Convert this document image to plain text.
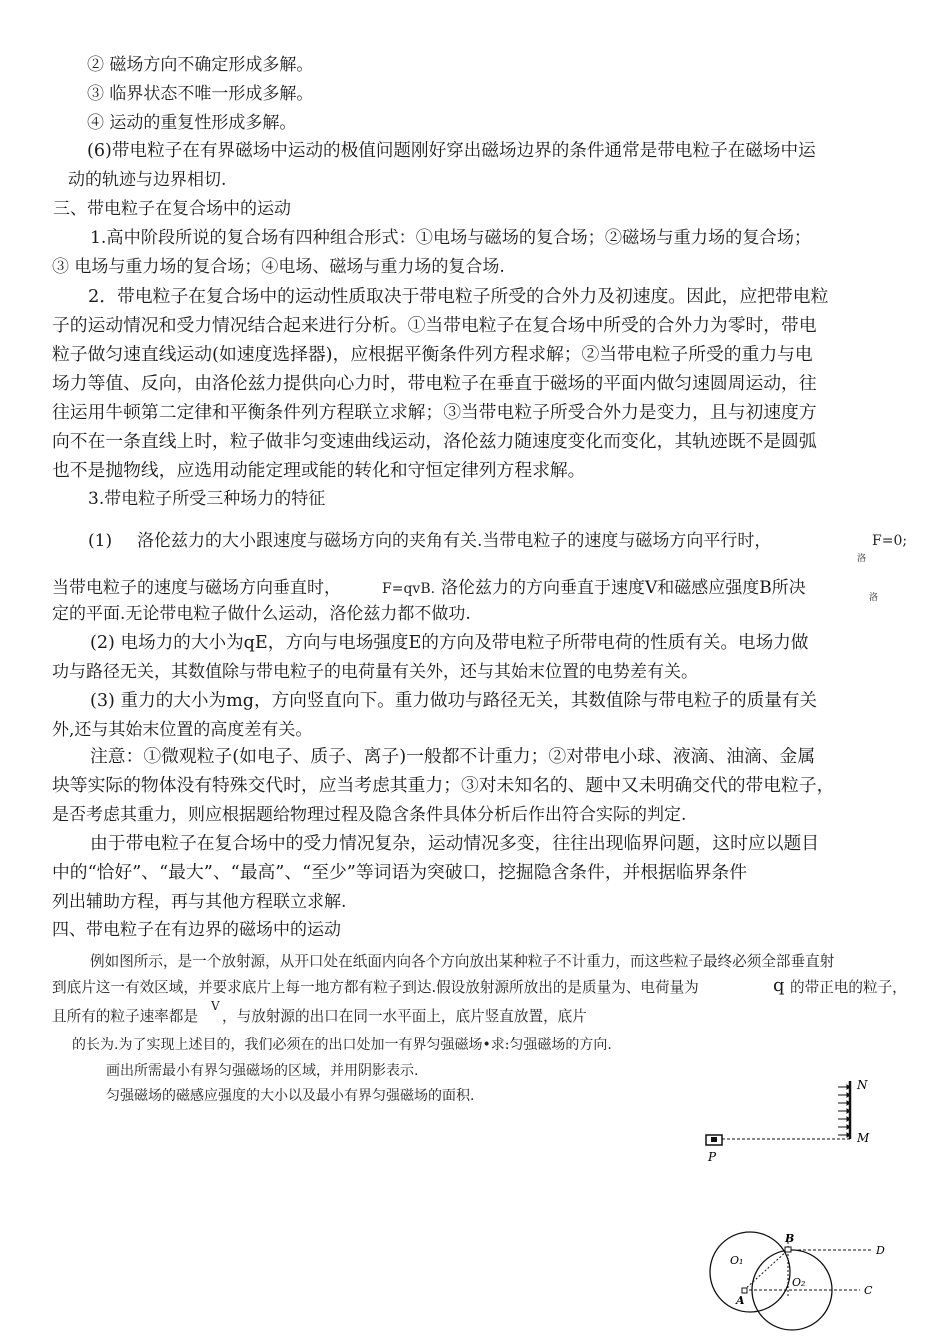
② 磁场方向不确定形成多解。
③ 临界状态不唯一形成多解。
④ 运动的重复性形成多解。
(6)带电粒子在有界磁场中运动的极值问题刚好穿出磁场边界的条件通常是带电粒子在磁场中运
动的轨迹与边界相切.
三、带电粒子在复合场中的运动
1.高中阶段所说的复合场有四种组合形式：①电场与磁场的复合场；②磁场与重力场的复合场；
③ 电场与重力场的复合场；④电场、磁场与重力场的复合场.
2．带电粒子在复合场中的运动性质取决于带电粒子所受的合外力及初速度。因此，应把带电粒
子的运动情况和受力情况结合起来进行分析。①当带电粒子在复合场中所受的合外力为零时，带电
粒子做匀速直线运动(如速度选择器)，应根据平衡条件列方程求解；②当带电粒子所受的重力与电
场力等值、反向，由洛伦兹力提供向心力时，带电粒子在垂直于磁场的平面内做匀速圆周运动，往
往运用牛顿第二定律和平衡条件列方程联立求解；③当带电粒子所受合外力是变力，且与初速度方
向不在一条直线上时，粒子做非匀变速曲线运动，洛伦兹力随速度变化而变化，其轨迹既不是圆弧
也不是抛物线，应选用动能定理或能的转化和守恒定律列方程求解。
3.带电粒子所受三种场力的特征
(1) 洛伦兹力的大小跟速度与磁场方向的夹角有关.当带电粒子的速度与磁场方向平行时，	F=0;
洛
当带电粒子的速度与磁场方向垂直时，	F=qvB. 洛伦兹力的方向垂直于速度V和磁感应强度B所决	洛
定的平面.无论带电粒子做什么运动，洛伦兹力都不做功.
(2) 电场力的大小为qE，方向与电场强度E的方向及带电粒子所带电荷的性质有关。电场力做
功与路径无关，其数值除与带电粒子的电荷量有关外，还与其始末位置的电势差有关。
(3) 重力的大小为mg，方向竖直向下。重力做功与路径无关，其数值除与带电粒子的质量有关
外,还与其始末位置的高度差有关。
注意：①微观粒子(如电子、质子、离子)一般都不计重力；②对带电小球、液滴、油滴、金属
块等实际的物体没有特殊交代时，应当考虑其重力；③对未知名的、题中又未明确交代的带电粒子，
是否考虑其重力，则应根据题给物理过程及隐含条件具体分析后作出符合实际的判定.
由于带电粒子在复合场中的受力情况复杂，运动情况多变，往往出现临界问题，这时应以题目
中的“恰好”、“最大”、“最高”、“至少”等词语为突破口，挖掘隐含条件，并根据临界条件
列出辅助方程，再与其他方程联立求解.
四、带电粒子在有边界的磁场中的运动
例如图所示，是一个放射源，从开口处在纸面内向各个方向放出某种粒子不计重力，而这些粒子最终必须全部垂直射
到底片这一有效区域，并要求底片上每一地方都有粒子到达.假设放射源所放出的是质量为、电荷量为	q 的带正电的粒子，
且所有的粒子速率都是
V
，与放射源的出口在同一水平面上，底片竖直放置，底片
的长为.为了实现上述目的，我们必须在的出口处加一有界匀强磁场•求:匀强磁场的方向.
画出所需最小有界匀强磁场的区域，并用阴影表示.
匀强磁场的磁感应强度的大小以及最小有界匀强磁场的面积.
N
M
P
B
D
O₁
O₂
A
C
